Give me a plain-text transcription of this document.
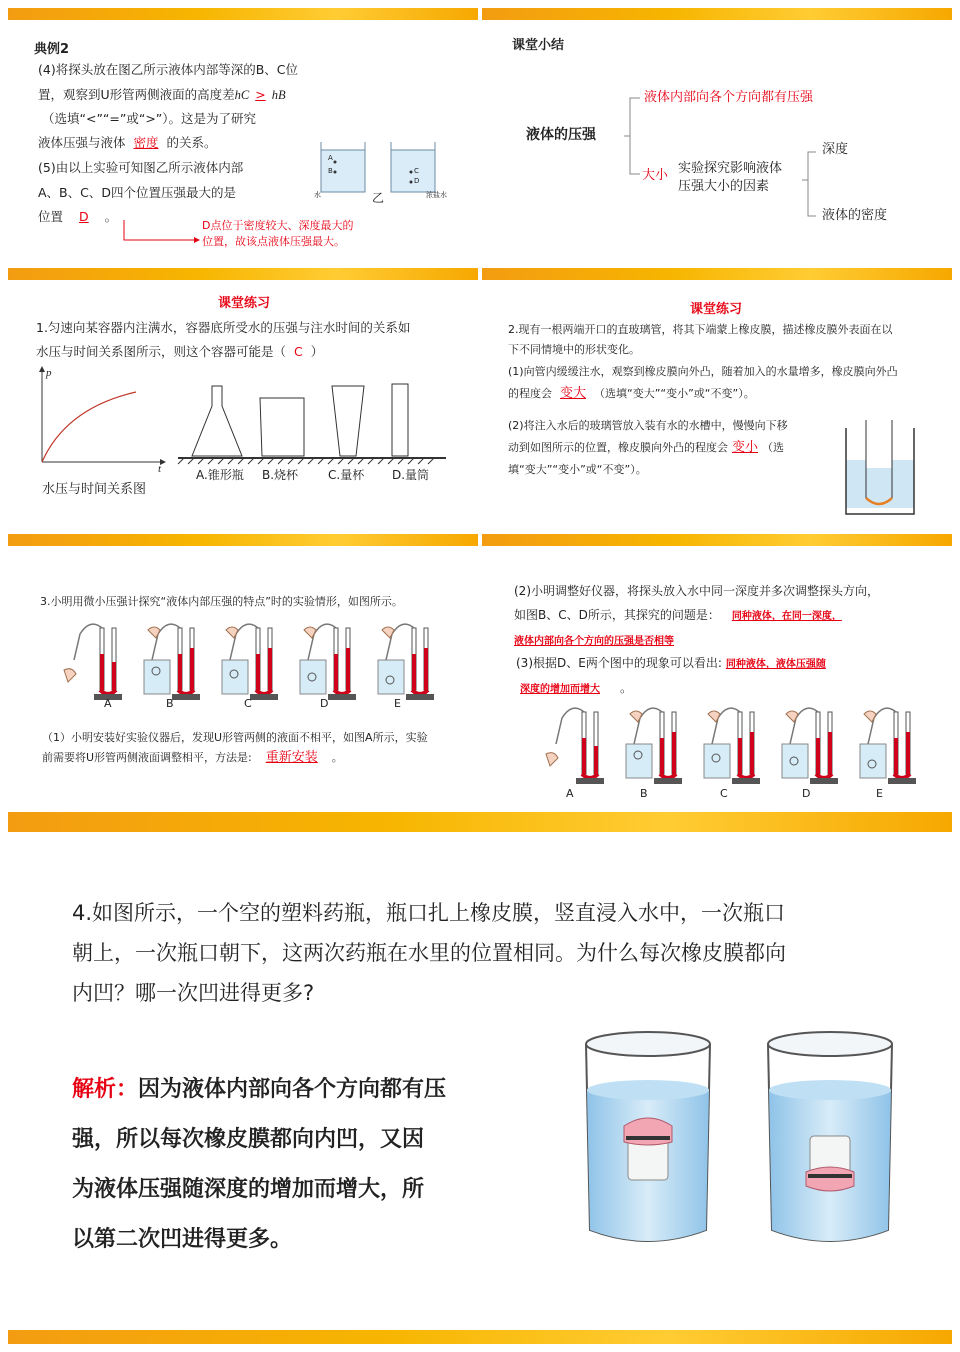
典例2
(4)将探头放在图乙所示液体内部等深的B、C位
置，观察到U形管两侧液面的高度差hC > hB
（选填“<”“=”或“>”）。这是为了研究
液体压强与液体 密度 的关系。
(5)由以上实验可知图乙所示液体内部
A、B、C、D四个位置压强最大的是
位置 D 。
D点位于密度较大、深度最大的
位置，故该点液体压强最大。
A
B	C
D
水	浓盐水
乙
课堂小结
液体的压强
液体内部向各个方向都有压强
大小 实验探究影响液体
压强大小的因素
深度
液体的密度
课堂练习
1.匀速向某容器内注满水，容器底所受水的压强与注水时间的关系如
水压与时间关系图所示，则这个容器可能是（ C ）
p
t
水压与时间关系图
A.锥形瓶 B.烧杯 C.量杯 D.量筒
课堂练习
2.现有一根两端开口的直玻璃管，将其下端蒙上橡皮膜，描述橡皮膜外表面在以
下不同情境中的形状变化。
(1)向管内缓缓注水，观察到橡皮膜向外凸，随着加入的水量增多，橡皮膜向外凸
的程度会 变大 （选填“变大”“变小”或“不变”）。
(2)将注入水后的玻璃管放入装有水的水槽中，慢慢向下移
动到如图所示的位置，橡皮膜向外凸的程度会 变小 （选
填“变大”“变小”或“不变”）。
3.小明用微小压强计探究“液体内部压强的特点”时的实验情形，如图所示。
A	B	C	D	E
（1）小明安装好实验仪器后，发现U形管两侧的液面不相平，如图A所示，实验
前需要将U形管两侧液面调整相平，方法是: 重新安装 。
(2)小明调整好仪器，将探头放入水中同一深度并多次调整探头方向，
如图B、C、D所示，其探究的问题是： 同种液体，在同一深度，
液体内部向各个方向的压强是否相等
(3)根据D、E两个图中的现象可以看出: 同种液体，液体压强随
深度的增加而增大 。
A	B	C	D	E
4.如图所示，一个空的塑料药瓶，瓶口扎上橡皮膜，竖直浸入水中，一次瓶口
朝上，一次瓶口朝下，这两次药瓶在水里的位置相同。为什么每次橡皮膜都向
内凹？哪一次凹进得更多?
解析：因为液体内部向各个方向都有压
强，所以每次橡皮膜都向内凹，又因
为液体压强随深度的增加而增大，所
以第二次凹进得更多。
